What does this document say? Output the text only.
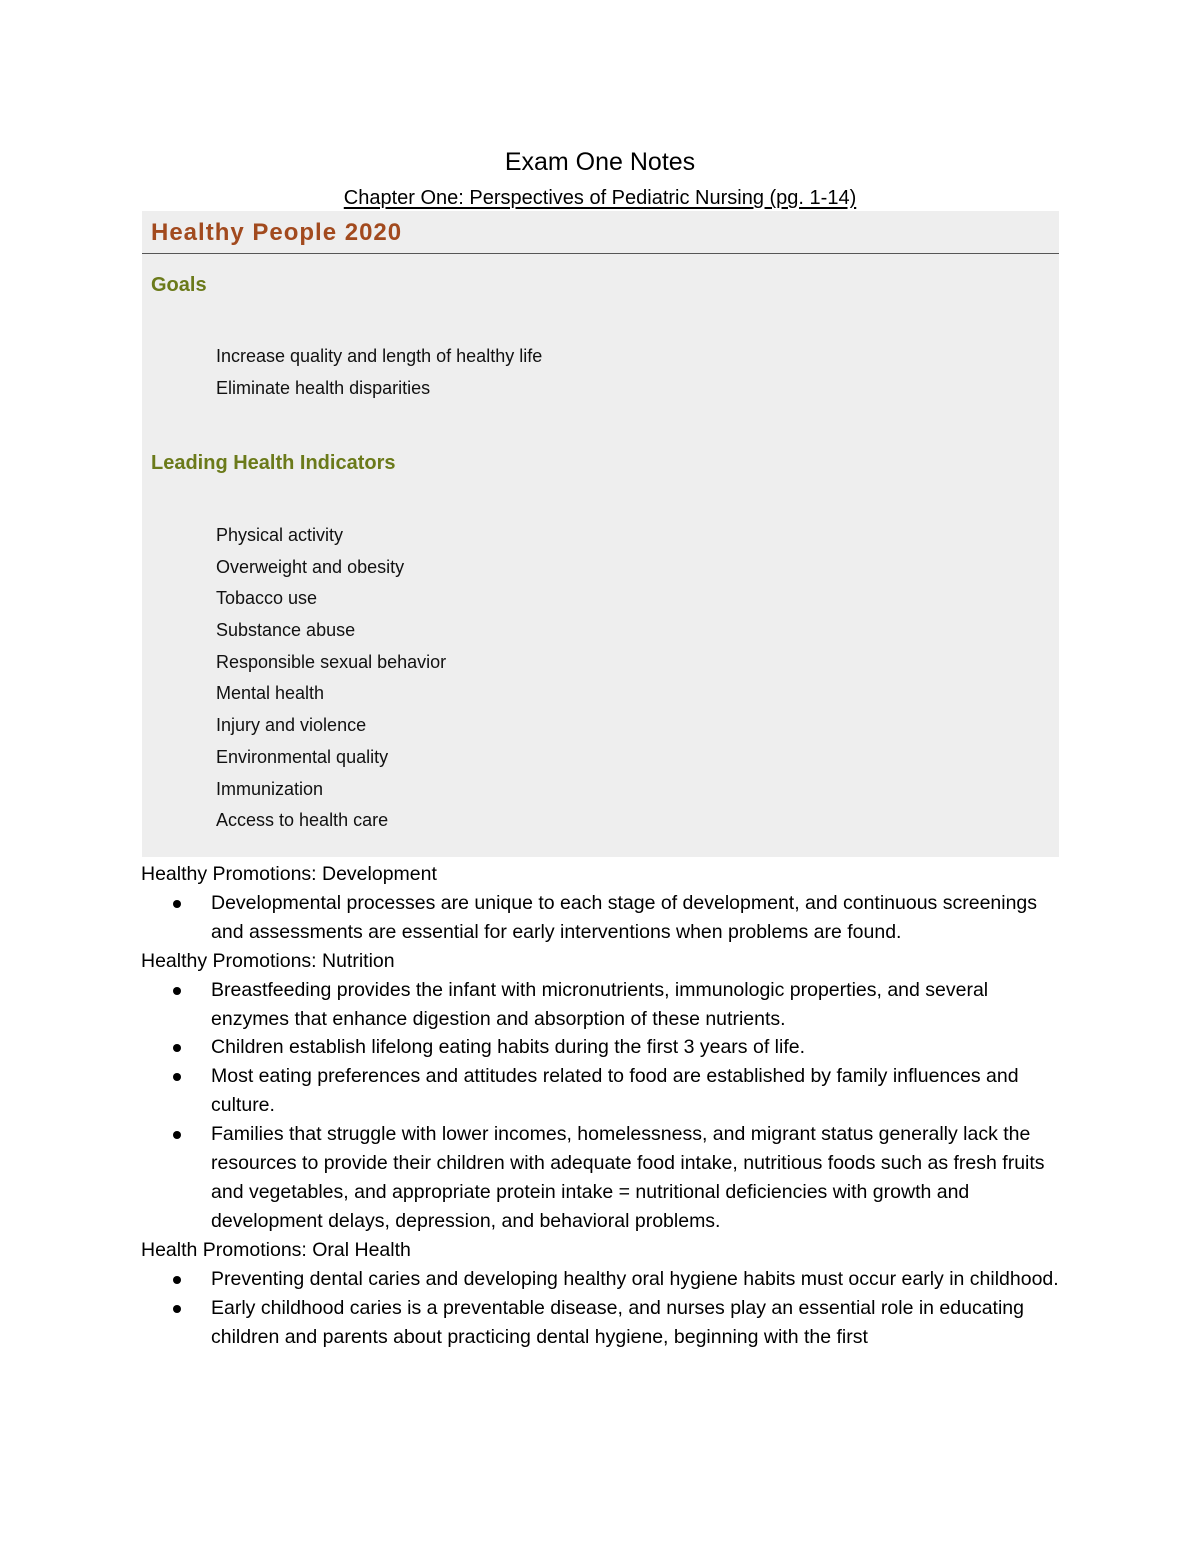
Exam One Notes
Chapter One: Perspectives of Pediatric Nursing (pg. 1-14)
Healthy People 2020
Goals
Increase quality and length of healthy life
Eliminate health disparities
Leading Health Indicators
Physical activity
Overweight and obesity
Tobacco use
Substance abuse
Responsible sexual behavior
Mental health
Injury and violence
Environmental quality
Immunization
Access to health care

Healthy Promotions: Development

Developmental processes are unique to each stage of development, and continuous screenings and assessments are essential for early interventions when problems are found.

Healthy Promotions: Nutrition

Breastfeeding provides the infant with micronutrients, immunologic properties, and several enzymes that enhance digestion and absorption of these nutrients.
Children establish lifelong eating habits during the first 3 years of life.
Most eating preferences and attitudes related to food are established by family influences and culture.
Families that struggle with lower incomes, homelessness, and migrant status generally lack the resources to provide their children with adequate food intake, nutritious foods such as fresh fruits and vegetables, and appropriate protein intake = nutritional deficiencies with growth and development delays, depression, and behavioral problems.

Health Promotions: Oral Health

Preventing dental caries and developing healthy oral hygiene habits must occur early in childhood.
Early childhood caries is a preventable disease, and nurses play an essential role in educating children and parents about practicing dental hygiene, beginning with the first
